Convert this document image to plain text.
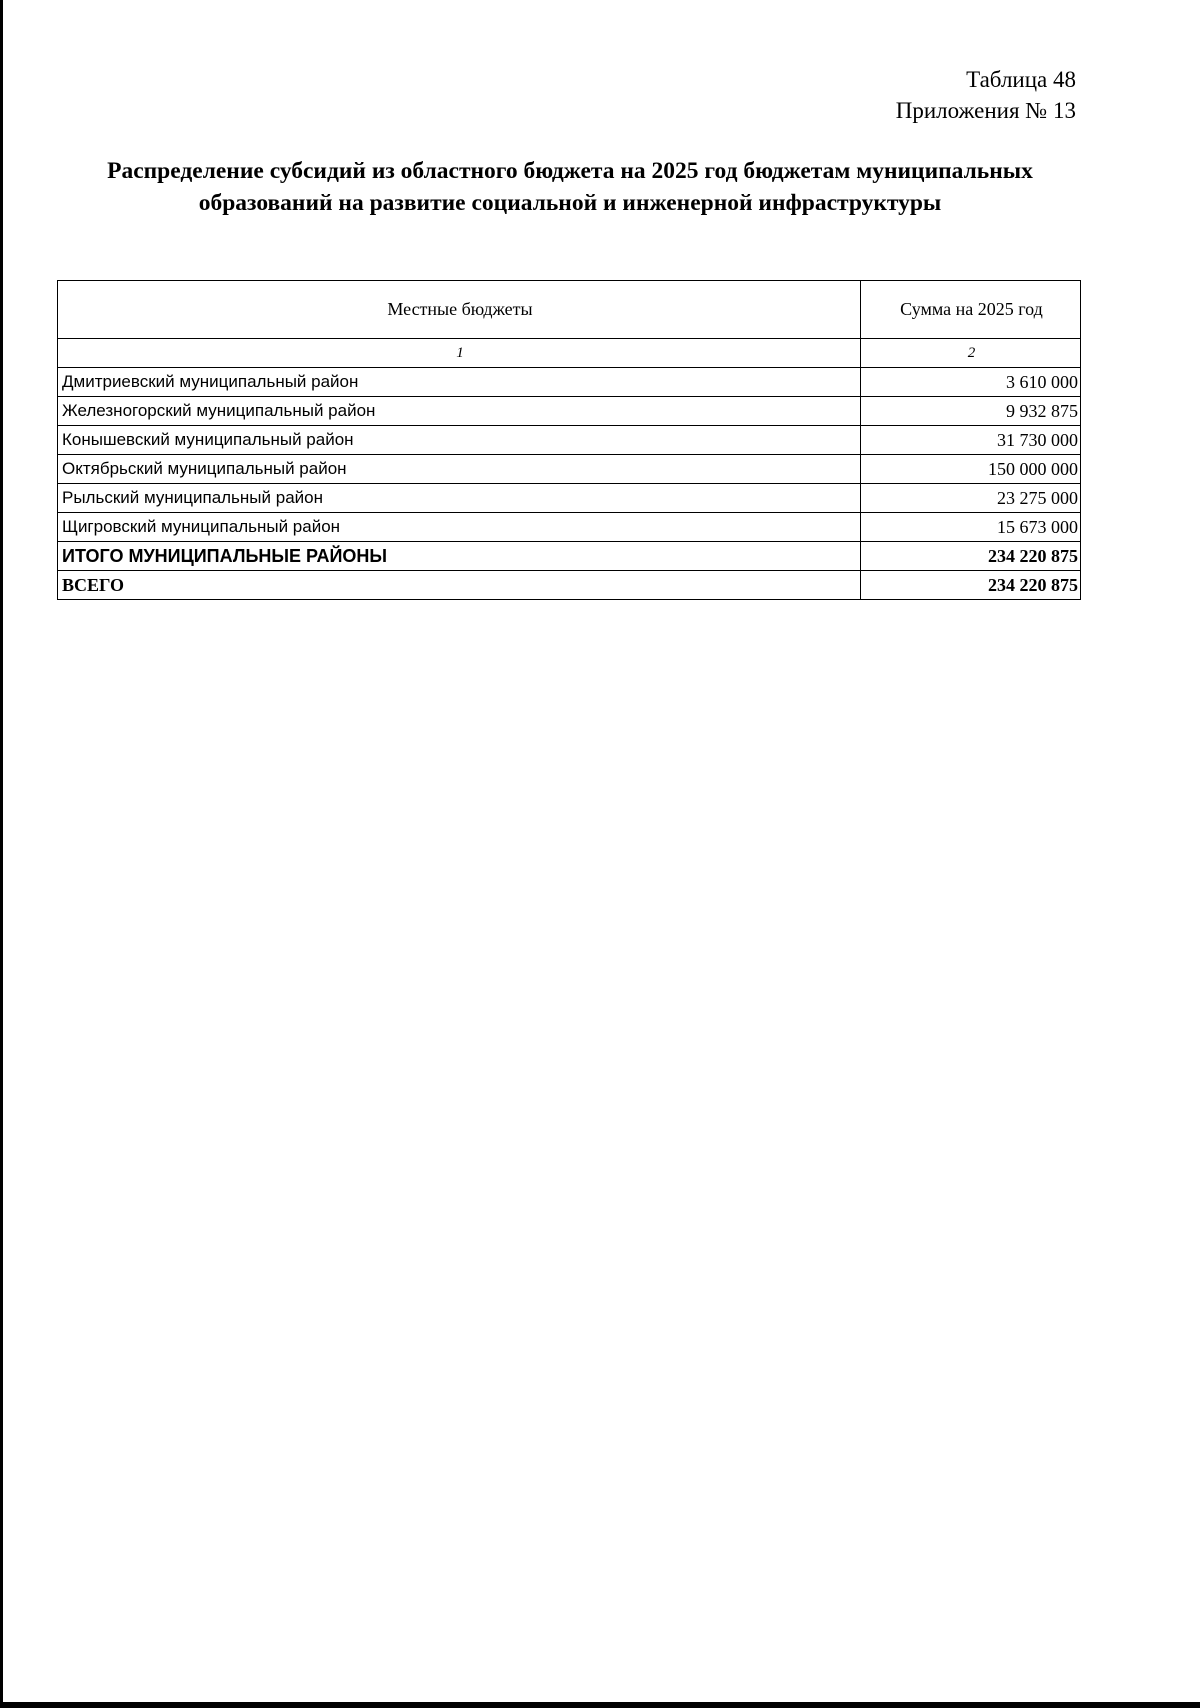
Таблица 48
Приложения № 13
Распределение субсидий из областного бюджета на 2025 год бюджетам муниципальных
образований на развитие социальной и инженерной инфраструктуры
Местные бюджеты	Сумма на 2025 год
1	2
Дмитриевский муниципальный район	3 610 000
Железногорский муниципальный район	9 932 875
Конышевский муниципальный район	31 730 000
Октябрьский муниципальный район	150 000 000
Рыльский муниципальный район	23 275 000
Щигровский муниципальный район	15 673 000
ИТОГО МУНИЦИПАЛЬНЫЕ РАЙОНЫ	234 220 875
ВСЕГО	234 220 875
